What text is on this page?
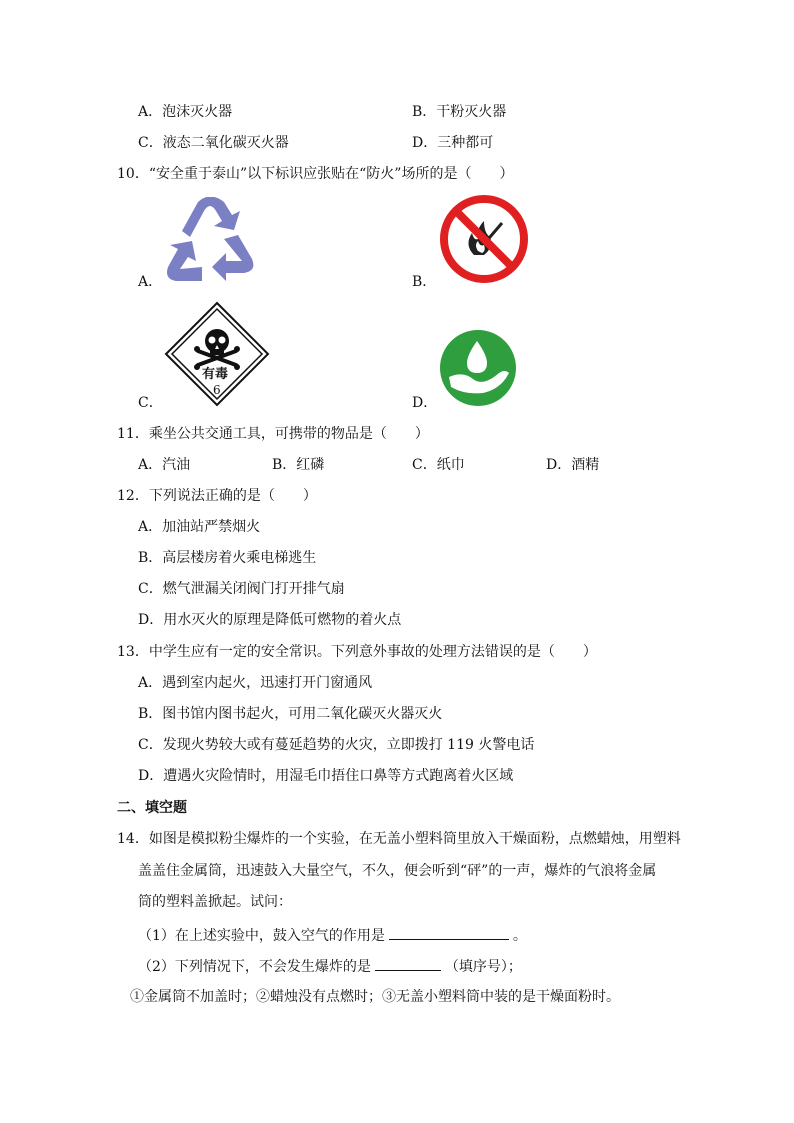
A．泡沫灭火器	B．干粉灭火器
C．液态二氧化碳灭火器	D．三种都可
10．“安全重于泰山”以下标识应张贴在“防火”场所的是（　　）
A．	B．
C．
有毒
6
D．
11．乘坐公共交通工具，可携带的物品是（　　）
A．汽油	B．红磷	C．纸巾	D．酒精
12．下列说法正确的是（　　）
A．加油站严禁烟火
B．高层楼房着火乘电梯逃生
C．燃气泄漏关闭阀门打开排气扇
D．用水灭火的原理是降低可燃物的着火点
13．中学生应有一定的安全常识。下列意外事故的处理方法错误的是（　　）
A．遇到室内起火，迅速打开门窗通风
B．图书馆内图书起火，可用二氧化碳灭火器灭火
C．发现火势较大或有蔓延趋势的火灾，立即拨打 119 火警电话
D．遭遇火灾险情时，用湿毛巾捂住口鼻等方式跑离着火区域
二、填空题
14．如图是模拟粉尘爆炸的一个实验，在无盖小塑料筒里放入干燥面粉，点燃蜡烛，用塑料
盖盖住金属筒，迅速鼓入大量空气，不久，便会听到“砰”的一声，爆炸的气浪将金属
筒的塑料盖掀起。试问：
（1）在上述实验中，鼓入空气的作用是	。
（2）下列情况下，不会发生爆炸的是	（填序号）；
①金属筒不加盖时；②蜡烛没有点燃时；③无盖小塑料筒中装的是干燥面粉时。
